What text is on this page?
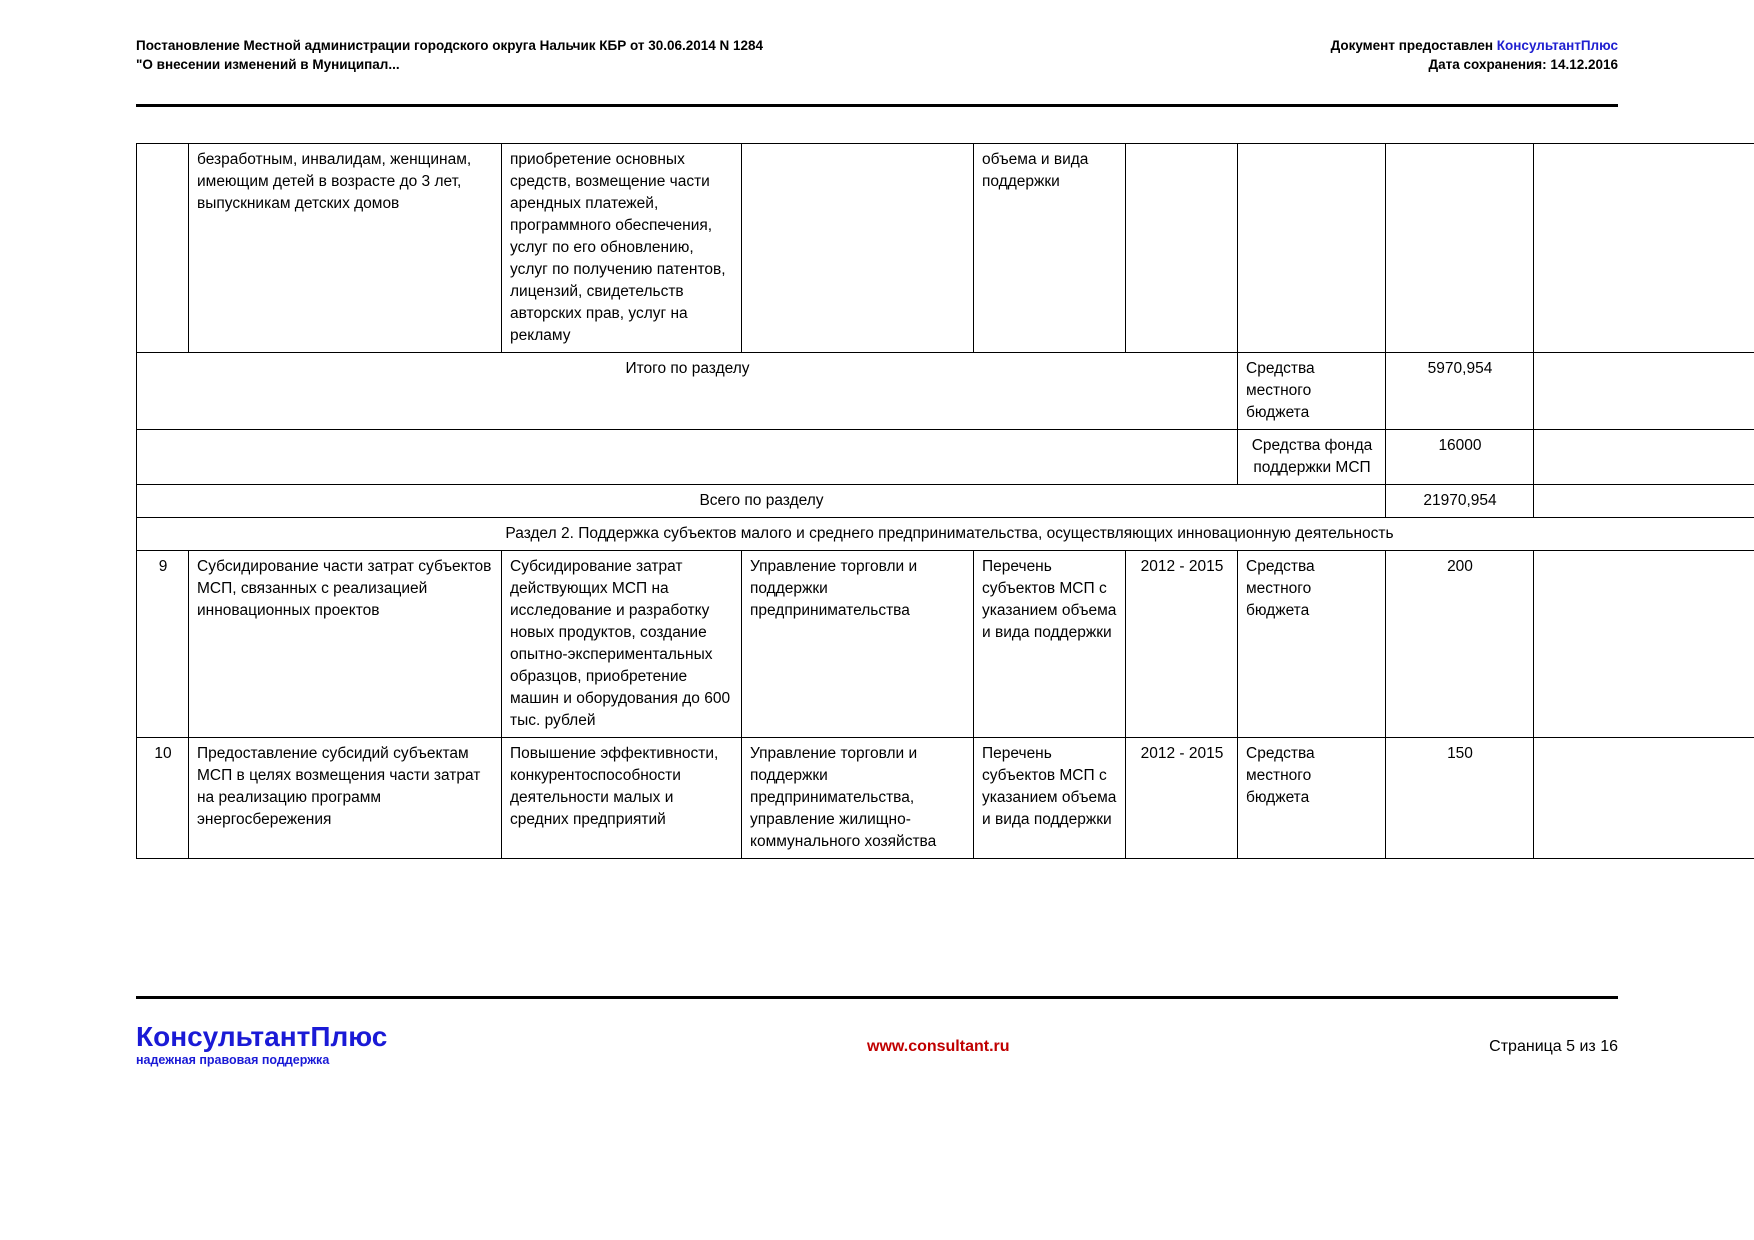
Постановление Местной администрации городского округа Нальчик КБР от 30.06.2014 N 1284
"О внесении изменений в Муниципал...
Документ предоставлен КонсультантПлюс
Дата сохранения: 14.12.2016
	безработным, инвалидам, женщинам, имеющим детей в возрасте до 3 лет, выпускникам детских домов	приобретение основных средств, возмещение части арендных платежей, программного обеспечения, услуг по его обновлению, услуг по получению патентов, лицензий, свидетельств авторских прав, услуг на рекламу		объема и вида поддержки				
Итого по разделу						Средства местного бюджета	5970,954	
						Средства фонда поддержки МСП	16000	
Всего по разделу							21970,954	
Раздел 2. Поддержка субъектов малого и среднего предпринимательства, осуществляющих инновационную деятельность								
9	Субсидирование части затрат субъектов МСП, связанных с реализацией инновационных проектов	Субсидирование затрат действующих МСП на исследование и разработку новых продуктов, создание опытно-экспериментальных образцов, приобретение машин и оборудования до 600 тыс. рублей	Управление торговли и поддержки предпринимательства	Перечень субъектов МСП с указанием объема и вида поддержки	2012 - 2015	Средства местного бюджета	200	
10	Предоставление субсидий субъектам МСП в целях возмещения части затрат на реализацию программ энергосбережения	Повышение эффективности, конкурентоспособности деятельности малых и средних предприятий	Управление торговли и поддержки предпринимательства, управление жилищно-коммунального хозяйства	Перечень субъектов МСП с указанием объема и вида поддержки	2012 - 2015	Средства местного бюджета	150	
КонсультантПлюс
надежная правовая поддержка
www.consultant.ru	Страница 5 из 16
